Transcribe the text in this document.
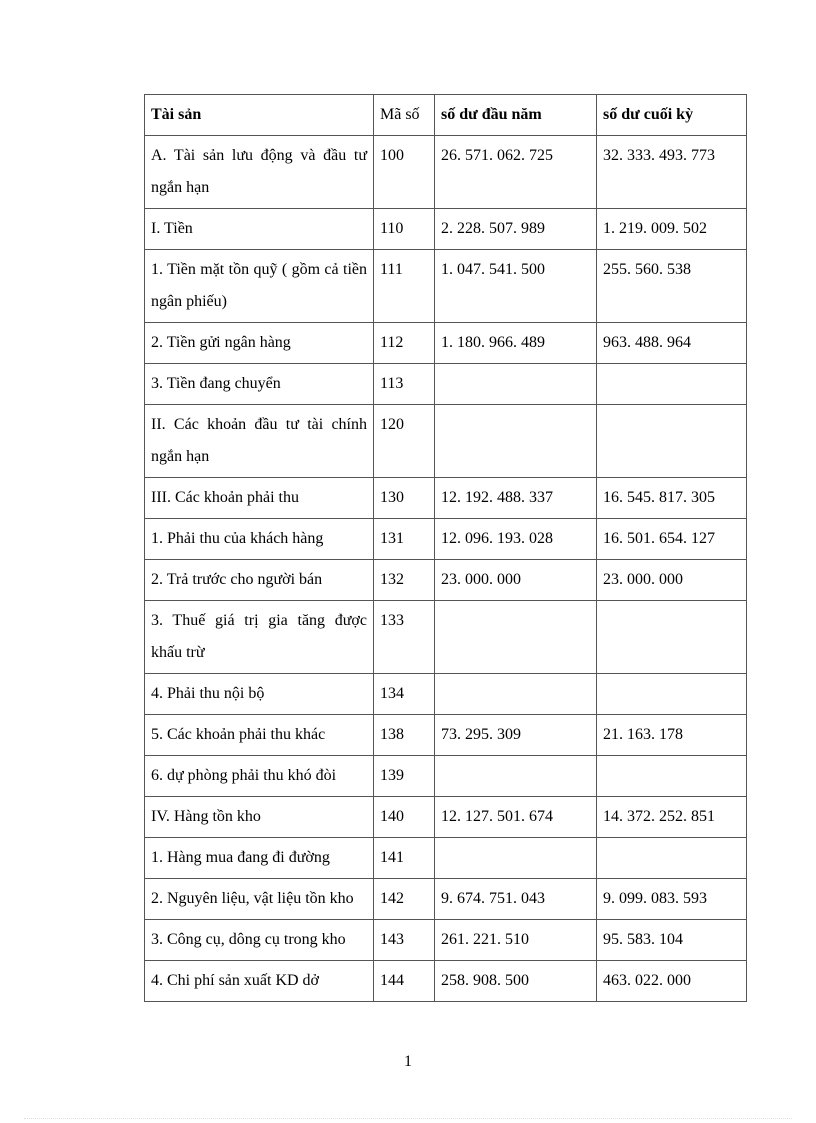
Tài sản	Mã số	số dư đầu năm	số dư cuối kỳ
A. Tài sản lưu động và đầu tư ngắn hạn	100	26. 571. 062. 725	32. 333. 493. 773
I. Tiền	110	2. 228. 507. 989	1. 219. 009. 502
1. Tiền mặt tồn quỹ ( gồm cả tiền ngân phiếu)	111	1. 047. 541. 500	255. 560. 538
2. Tiền gửi ngân hàng	112	1. 180. 966. 489	963. 488. 964
3. Tiền đang chuyển	113		
II. Các khoản đầu tư tài chính ngắn hạn	120		
III. Các khoản phải thu	130	12. 192. 488. 337	16. 545. 817. 305
1. Phải thu của khách hàng	131	12. 096. 193. 028	16. 501. 654. 127
2. Trả trước cho người bán	132	23. 000. 000	23. 000. 000
3. Thuế giá trị gia tăng được khấu trừ	133		
4. Phải thu nội bộ	134		
5. Các khoản phải thu khác	138	73. 295. 309	21. 163. 178
6. dự phòng phải thu khó đòi	139		
IV. Hàng tồn kho	140	12. 127. 501. 674	14. 372. 252. 851
1. Hàng mua đang đi đường	141		
2. Nguyên liệu, vật liệu tồn kho	142	9. 674. 751. 043	9. 099. 083. 593
3. Công cụ, dông cụ trong kho	143	261. 221. 510	95. 583. 104
4. Chi phí sản xuất KD dở	144	258. 908. 500	463. 022. 000
1
